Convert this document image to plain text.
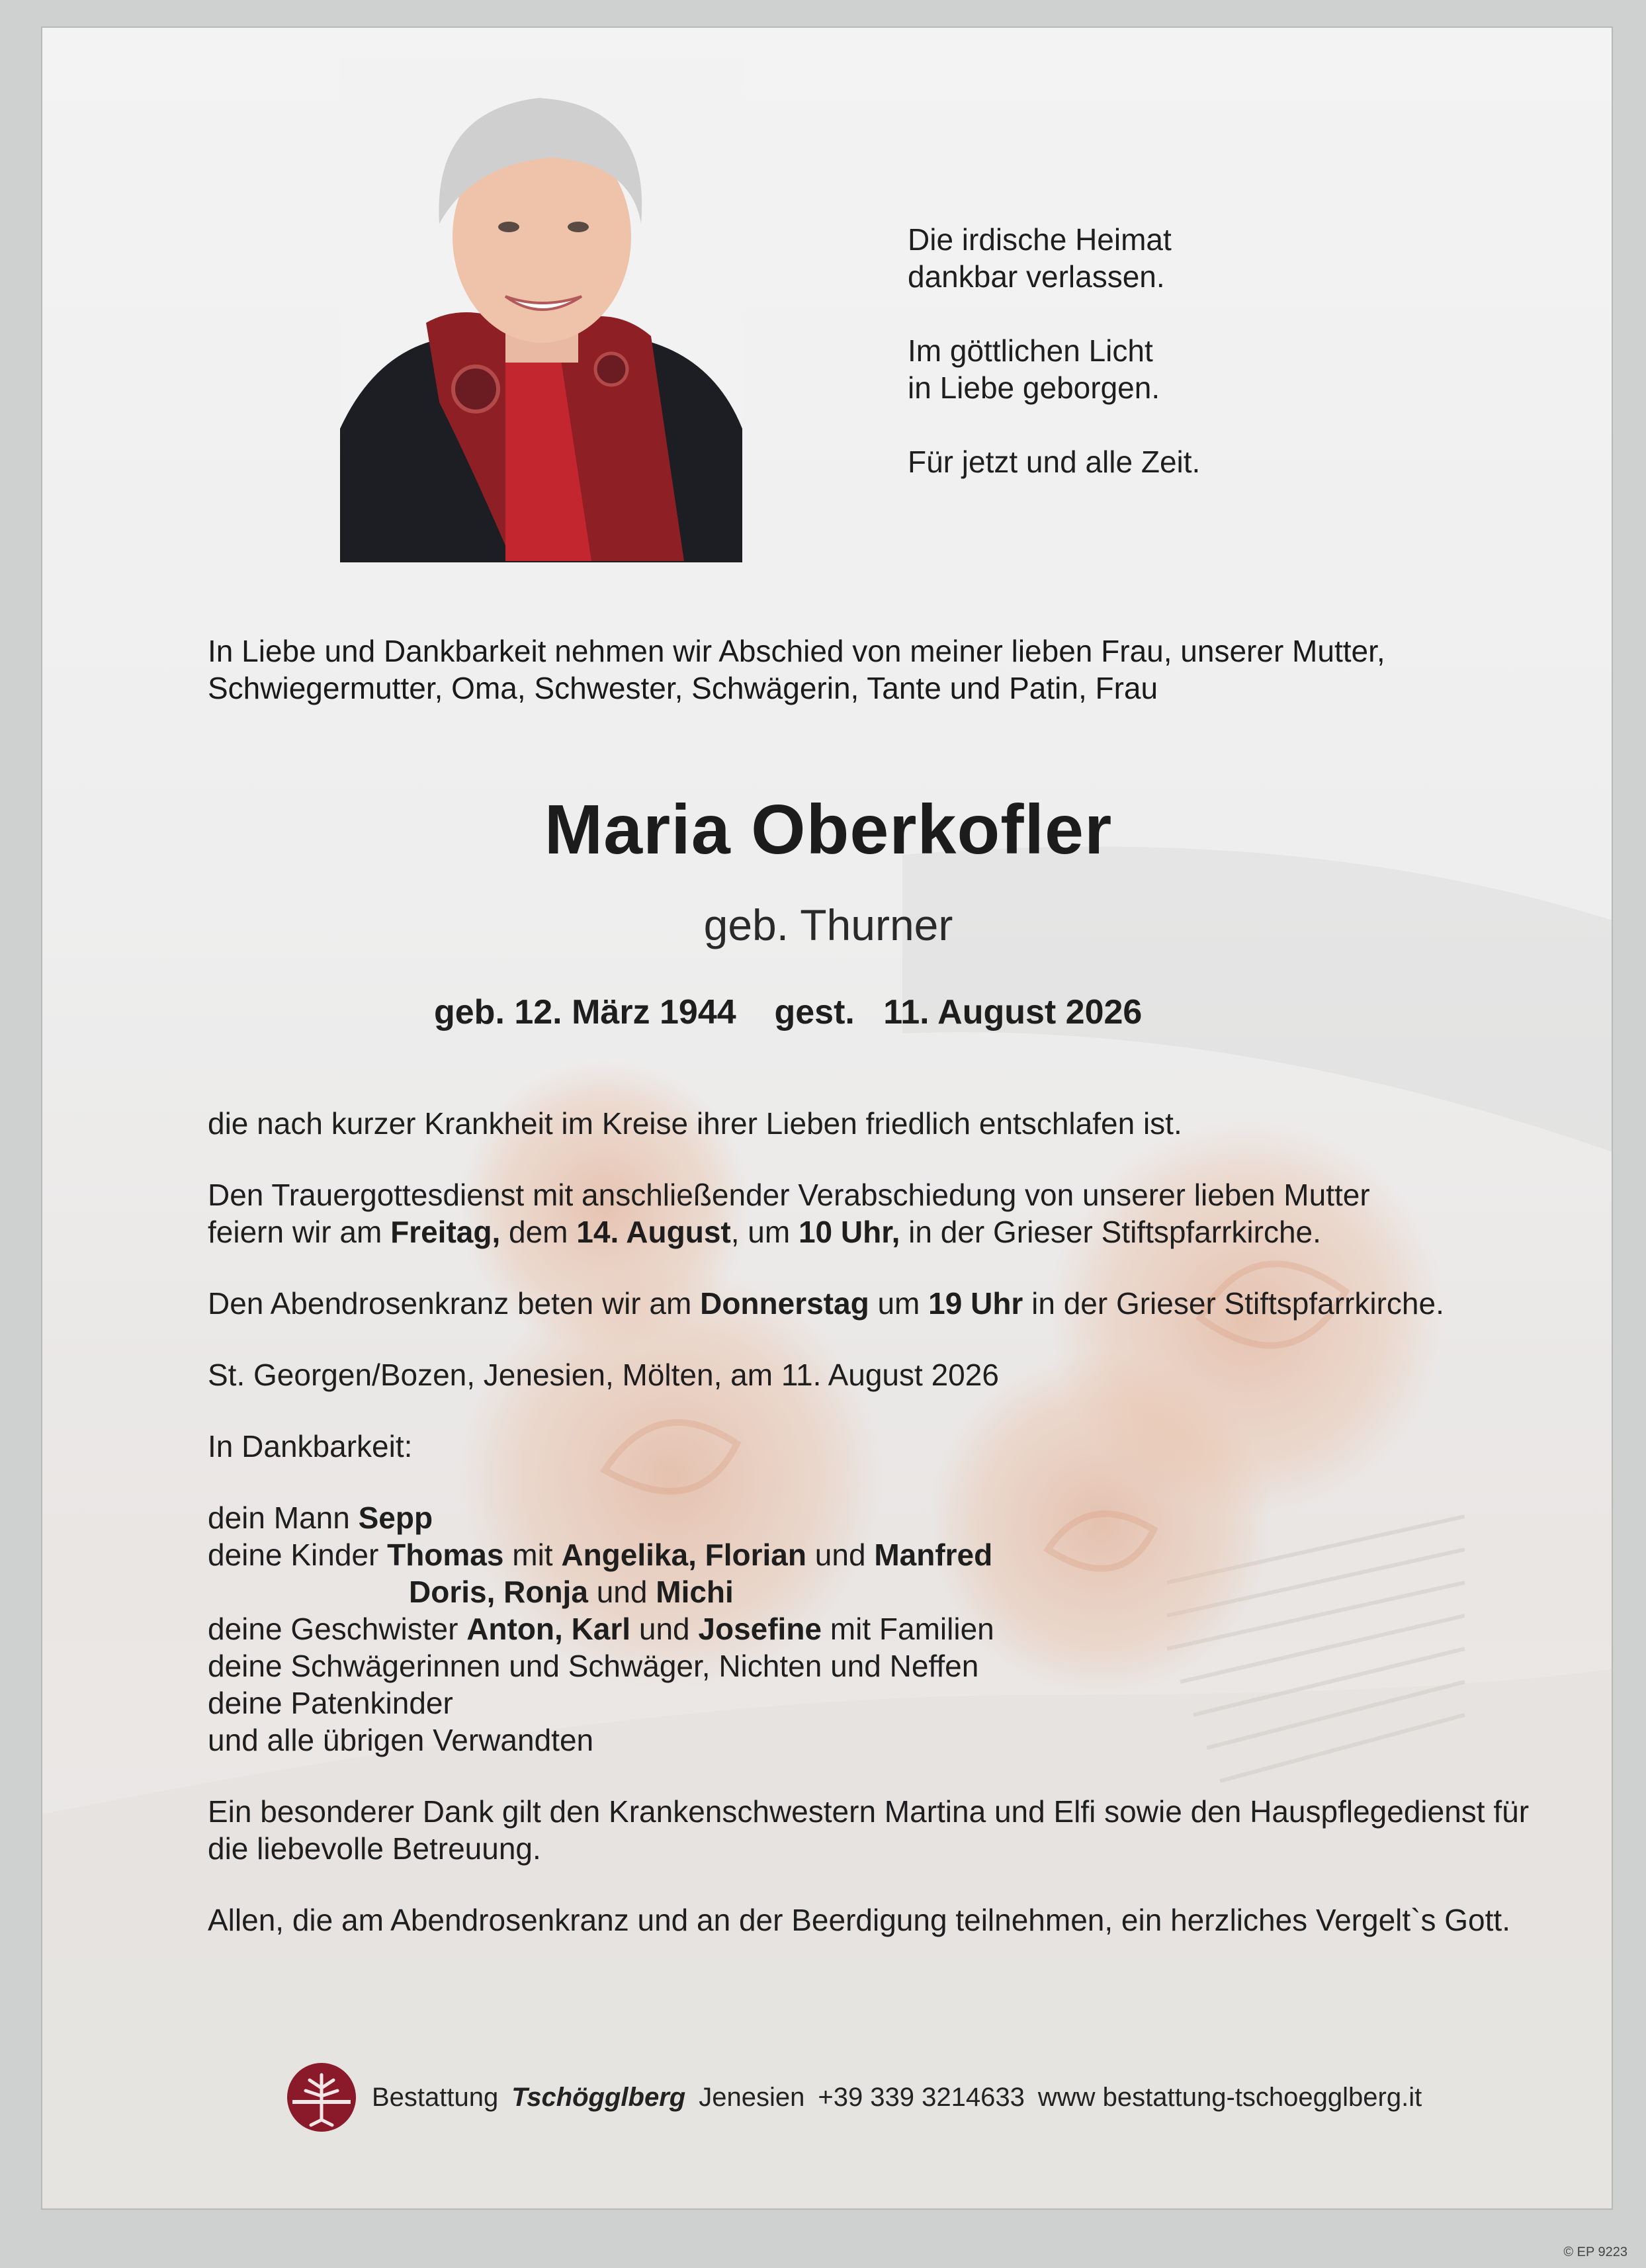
Die irdische Heimat
dankbar verlassen.

Im göttlichen Licht
in Liebe geborgen.

Für jetzt und alle Zeit.

In Liebe und Dankbarkeit nehmen wir Abschied von meiner lieben Frau, unserer Mutter, Schwiegermutter, Oma, Schwester, Schwägerin, Tante und Patin, Frau
Maria Oberkofler
geb. Thurner
geb. 12. März 1944 gest. 11. August 2026

die nach kurzer Krankheit im Kreise ihrer Lieben friedlich entschlafen ist.

Den Trauergottesdienst mit anschließender Verabschiedung von unserer lieben Mutter

feiern wir am Freitag, dem 14. August, um 10 Uhr, in der Grieser Stiftspfarrkirche.

Den Abendrosenkranz beten wir am Donnerstag um 19 Uhr in der Grieser Stiftspfarrkirche.

St. Georgen/Bozen, Jenesien, Mölten, am 11. August 2026

In Dankbarkeit:

dein Mann Sepp

deine Kinder Thomas mit Angelika, Florian und Manfred

Doris, Ronja und Michi

deine Geschwister Anton, Karl und Josefine mit Familien

deine Schwägerinnen und Schwäger, Nichten und Neffen

deine Patenkinder

und alle übrigen Verwandten

Ein besonderer Dank gilt den Krankenschwestern Martina und Elfi sowie den Hauspflegedienst für die liebevolle Betreuung.

Allen, die am Abendrosenkranz und an der Beerdigung teilnehmen, ein herzliches Vergelt`s Gott.

Bestattung Tschögglberg Jenesien +39 339 3214633 www bestattung-tschoegglberg.it
© EP 9223
